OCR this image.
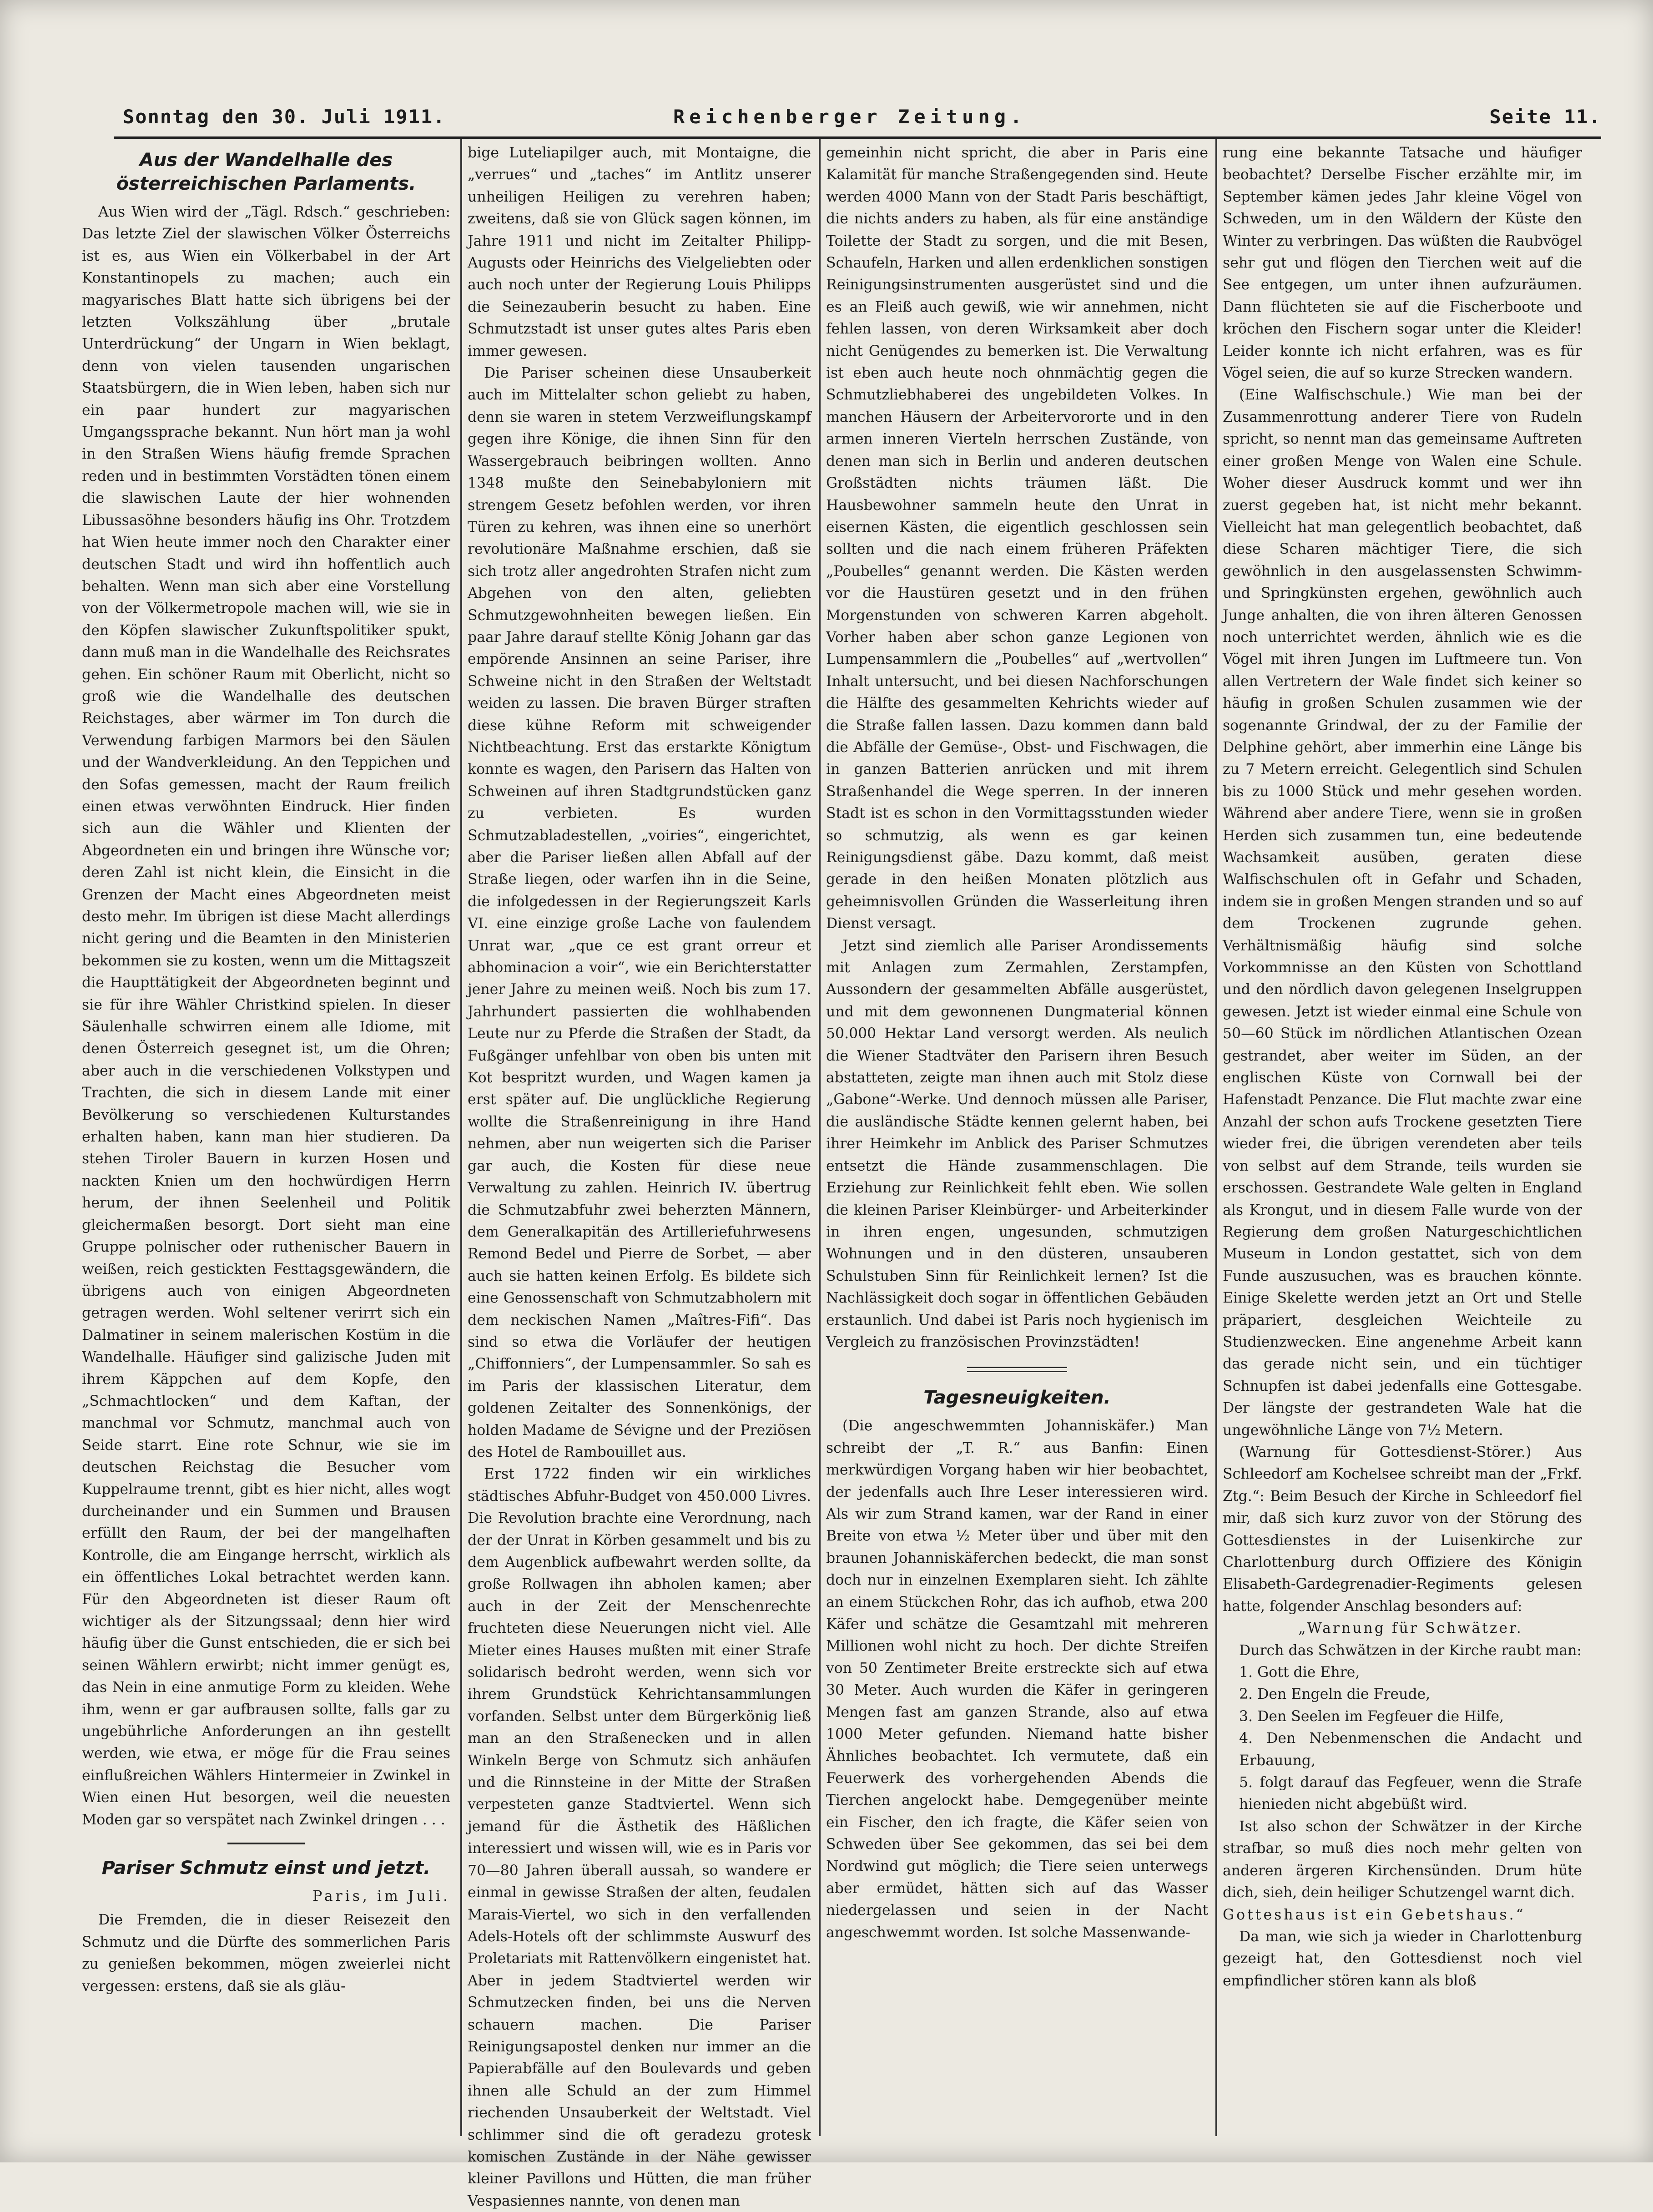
Sonntag den 30. Juli 1911.	Reichenberger Zeitung.	Seite 11.
Aus der Wandelhalle des österreichischen Parlaments.

Aus Wien wird der „Tägl. Rdsch.“ geschrieben: Das letzte Ziel der slawischen Völker Österreichs ist es, aus Wien ein Völkerbabel in der Art Konstantinopels zu machen; auch ein magyarisches Blatt hatte sich übrigens bei der letzten Volkszählung über „brutale Unterdrückung“ der Ungarn in Wien beklagt, denn von vielen tausenden ungarischen Staatsbürgern, die in Wien leben, haben sich nur ein paar hundert zur magyarischen Umgangssprache bekannt. Nun hört man ja wohl in den Straßen Wiens häufig fremde Sprachen reden und in bestimmten Vorstädten tönen einem die slawischen Laute der hier wohnenden Libussasöhne besonders häufig ins Ohr. Trotzdem hat Wien heute immer noch den Charakter einer deutschen Stadt und wird ihn hoffentlich auch behalten. Wenn man sich aber eine Vorstellung von der Völkermetropole machen will, wie sie in den Köpfen slawischer Zukunftspolitiker spukt, dann muß man in die Wandelhalle des Reichsrates gehen. Ein schöner Raum mit Oberlicht, nicht so groß wie die Wandelhalle des deutschen Reichstages, aber wärmer im Ton durch die Verwendung farbigen Marmors bei den Säulen und der Wandverkleidung. An den Teppichen und den Sofas gemessen, macht der Raum freilich einen etwas verwöhnten Eindruck. Hier finden sich aun die Wähler und Klienten der Abgeordneten ein und bringen ihre Wünsche vor; deren Zahl ist nicht klein, die Einsicht in die Grenzen der Macht eines Abgeordneten meist desto mehr. Im übrigen ist diese Macht allerdings nicht gering und die Beamten in den Ministerien bekommen sie zu kosten, wenn um die Mittagszeit die Haupttätigkeit der Abgeordneten beginnt und sie für ihre Wähler Christkind spielen. In dieser Säulenhalle schwirren einem alle Idiome, mit denen Österreich gesegnet ist, um die Ohren; aber auch in die verschiedenen Volkstypen und Trachten, die sich in diesem Lande mit einer Bevölkerung so verschiedenen Kulturstandes erhalten haben, kann man hier studieren. Da stehen Tiroler Bauern in kurzen Hosen und nackten Knien um den hochwürdigen Herrn herum, der ihnen Seelenheil und Politik gleichermaßen besorgt. Dort sieht man eine Gruppe polnischer oder ruthenischer Bauern in weißen, reich gestickten Festtagsgewändern, die übrigens auch von einigen Abgeordneten getragen werden. Wohl seltener verirrt sich ein Dalmatiner in seinem malerischen Kostüm in die Wandelhalle. Häufiger sind galizische Juden mit ihrem Käppchen auf dem Kopfe, den „Schmachtlocken“ und dem Kaftan, der manchmal vor Schmutz, manchmal auch von Seide starrt. Eine rote Schnur, wie sie im deutschen Reichstag die Besucher vom Kuppelraume trennt, gibt es hier nicht, alles wogt durcheinander und ein Summen und Brausen erfüllt den Raum, der bei der mangelhaften Kontrolle, die am Eingange herrscht, wirklich als ein öffentliches Lokal betrachtet werden kann. Für den Abgeordneten ist dieser Raum oft wichtiger als der Sitzungssaal; denn hier wird häufig über die Gunst entschieden, die er sich bei seinen Wählern erwirbt; nicht immer genügt es, das Nein in eine anmutige Form zu kleiden. Wehe ihm, wenn er gar aufbrausen sollte, falls gar zu ungebührliche Anforderungen an ihn gestellt werden, wie etwa, er möge für die Frau seines einflußreichen Wählers Hintermeier in Zwinkel in Wien einen Hut besorgen, weil die neuesten Moden gar so verspätet nach Zwinkel dringen . . .

Pariser Schmutz einst und jetzt.
Paris, im Juli.

Die Fremden, die in dieser Reisezeit den Schmutz und die Dürfte des sommerlichen Paris zu genießen bekommen, mögen zweierlei nicht vergessen: erstens, daß sie als gläu-

bige Luteliapilger auch, mit Montaigne, die „verrues“ und „taches“ im Antlitz unserer unheiligen Heiligen zu verehren haben; zweitens, daß sie von Glück sagen können, im Jahre 1911 und nicht im Zeitalter Philipp-Augusts oder Heinrichs des Vielgeliebten oder auch noch unter der Regierung Louis Philipps die Seinezauberin besucht zu haben. Eine Schmutzstadt ist unser gutes altes Paris eben immer gewesen.

Die Pariser scheinen diese Unsauberkeit auch im Mittelalter schon geliebt zu haben, denn sie waren in stetem Verzweiflungskampf gegen ihre Könige, die ihnen Sinn für den Wassergebrauch beibringen wollten. Anno 1348 mußte den Seinebabyloniern mit strengem Gesetz befohlen werden, vor ihren Türen zu kehren, was ihnen eine so unerhört revolutionäre Maßnahme erschien, daß sie sich trotz aller angedrohten Strafen nicht zum Abgehen von den alten, geliebten Schmutzgewohnheiten bewegen ließen. Ein paar Jahre darauf stellte König Johann gar das empörende Ansinnen an seine Pariser, ihre Schweine nicht in den Straßen der Weltstadt weiden zu lassen. Die braven Bürger straften diese kühne Reform mit schweigender Nichtbeachtung. Erst das erstarkte Königtum konnte es wagen, den Parisern das Halten von Schweinen auf ihren Stadtgrundstücken ganz zu verbieten. Es wurden Schmutzabladestellen, „voiries“, eingerichtet, aber die Pariser ließen allen Abfall auf der Straße liegen, oder warfen ihn in die Seine, die infolgedessen in der Regierungszeit Karls VI. eine einzige große Lache von faulendem Unrat war, „que ce est grant orreur et abhominacion a voir“, wie ein Berichterstatter jener Jahre zu meinen weiß. Noch bis zum 17. Jahrhundert passierten die wohlhabenden Leute nur zu Pferde die Straßen der Stadt, da Fußgänger unfehlbar von oben bis unten mit Kot bespritzt wurden, und Wagen kamen ja erst später auf. Die unglückliche Regierung wollte die Straßenreinigung in ihre Hand nehmen, aber nun weigerten sich die Pariser gar auch, die Kosten für diese neue Verwaltung zu zahlen. Heinrich IV. übertrug die Schmutzabfuhr zwei beherzten Männern, dem Generalkapitän des Artilleriefuhrwesens Remond Bedel und Pierre de Sorbet, — aber auch sie hatten keinen Erfolg. Es bildete sich eine Genossenschaft von Schmutzabholern mit dem neckischen Namen „Maîtres-Fifi“. Das sind so etwa die Vorläufer der heutigen „Chiffonniers“, der Lumpensammler. So sah es im Paris der klassischen Literatur, dem goldenen Zeitalter des Sonnenkönigs, der holden Madame de Sévigne und der Preziösen des Hotel de Rambouillet aus.

Erst 1722 finden wir ein wirkliches städtisches Abfuhr-Budget von 450.000 Livres. Die Revolution brachte eine Verordnung, nach der der Unrat in Körben gesammelt und bis zu dem Augenblick aufbewahrt werden sollte, da große Rollwagen ihn abholen kamen; aber auch in der Zeit der Menschenrechte fruchteten diese Neuerungen nicht viel. Alle Mieter eines Hauses mußten mit einer Strafe solidarisch bedroht werden, wenn sich vor ihrem Grundstück Kehrichtansammlungen vorfanden. Selbst unter dem Bürgerkönig ließ man an den Straßenecken und in allen Winkeln Berge von Schmutz sich anhäufen und die Rinnsteine in der Mitte der Straßen verpesteten ganze Stadtviertel. Wenn sich jemand für die Ästhetik des Häßlichen interessiert und wissen will, wie es in Paris vor 70—80 Jahren überall aussah, so wandere er einmal in gewisse Straßen der alten, feudalen Marais-Viertel, wo sich in den verfallenden Adels-Hotels oft der schlimmste Auswurf des Proletariats mit Rattenvölkern eingenistet hat. Aber in jedem Stadtviertel werden wir Schmutzecken finden, bei uns die Nerven schauern machen. Die Pariser Reinigungsapostel denken nur immer an die Papierabfälle auf den Boulevards und geben ihnen alle Schuld an der zum Himmel riechenden Unsauberkeit der Weltstadt. Viel schlimmer sind die oft geradezu grotesk komischen Zustände in der Nähe gewisser kleiner Pavillons und Hütten, die man früher Vespasiennes nannte, von denen man

gemeinhin nicht spricht, die aber in Paris eine Kalamität für manche Straßengegenden sind. Heute werden 4000 Mann von der Stadt Paris beschäftigt, die nichts anders zu haben, als für eine anständige Toilette der Stadt zu sorgen, und die mit Besen, Schaufeln, Harken und allen erdenklichen sonstigen Reinigungsinstrumenten ausgerüstet sind und die es an Fleiß auch gewiß, wie wir annehmen, nicht fehlen lassen, von deren Wirksamkeit aber doch nicht Genügendes zu bemerken ist. Die Verwaltung ist eben auch heute noch ohnmächtig gegen die Schmutzliebhaberei des ungebildeten Volkes. In manchen Häusern der Arbeitervororte und in den armen inneren Vierteln herrschen Zustände, von denen man sich in Berlin und anderen deutschen Großstädten nichts träumen läßt. Die Hausbewohner sammeln heute den Unrat in eisernen Kästen, die eigentlich geschlossen sein sollten und die nach einem früheren Präfekten „Poubelles“ genannt werden. Die Kästen werden vor die Haustüren gesetzt und in den frühen Morgenstunden von schweren Karren abgeholt. Vorher haben aber schon ganze Legionen von Lumpensammlern die „Poubelles“ auf „wertvollen“ Inhalt untersucht, und bei diesen Nachforschungen die Hälfte des gesammelten Kehrichts wieder auf die Straße fallen lassen. Dazu kommen dann bald die Abfälle der Gemüse-, Obst- und Fischwagen, die in ganzen Batterien anrücken und mit ihrem Straßenhandel die Wege sperren. In der inneren Stadt ist es schon in den Vormittagsstunden wieder so schmutzig, als wenn es gar keinen Reinigungsdienst gäbe. Dazu kommt, daß meist gerade in den heißen Monaten plötzlich aus geheimnisvollen Gründen die Wasserleitung ihren Dienst versagt.

Jetzt sind ziemlich alle Pariser Arondissements mit Anlagen zum Zermahlen, Zerstampfen, Aussondern der gesammelten Abfälle ausgerüstet, und mit dem gewonnenen Dungmaterial können 50.000 Hektar Land versorgt werden. Als neulich die Wiener Stadtväter den Parisern ihren Besuch abstatteten, zeigte man ihnen auch mit Stolz diese „Gabone“-Werke. Und dennoch müssen alle Pariser, die ausländische Städte kennen gelernt haben, bei ihrer Heimkehr im Anblick des Pariser Schmutzes entsetzt die Hände zusammenschlagen. Die Erziehung zur Reinlichkeit fehlt eben. Wie sollen die kleinen Pariser Kleinbürger- und Arbeiterkinder in ihren engen, ungesunden, schmutzigen Wohnungen und in den düsteren, unsauberen Schulstuben Sinn für Reinlichkeit lernen? Ist die Nachlässigkeit doch sogar in öffentlichen Gebäuden erstaunlich. Und dabei ist Paris noch hygienisch im Vergleich zu französischen Provinzstädten!

Tagesneuigkeiten.

(Die angeschwemmten Johanniskäfer.) Man schreibt der „T. R.“ aus Banfin: Einen merkwürdigen Vorgang haben wir hier beobachtet, der jedenfalls auch Ihre Leser interessieren wird. Als wir zum Strand kamen, war der Rand in einer Breite von etwa ½ Meter über und über mit den braunen Johanniskäferchen bedeckt, die man sonst doch nur in einzelnen Exemplaren sieht. Ich zählte an einem Stückchen Rohr, das ich aufhob, etwa 200 Käfer und schätze die Gesamtzahl mit mehreren Millionen wohl nicht zu hoch. Der dichte Streifen von 50 Zentimeter Breite erstreckte sich auf etwa 30 Meter. Auch wurden die Käfer in geringeren Mengen fast am ganzen Strande, also auf etwa 1000 Meter gefunden. Niemand hatte bisher Ähnliches beobachtet. Ich vermutete, daß ein Feuerwerk des vorhergehenden Abends die Tierchen angelockt habe. Demgegenüber meinte ein Fischer, den ich fragte, die Käfer seien von Schweden über See gekommen, das sei bei dem Nordwind gut möglich; die Tiere seien unterwegs aber ermüdet, hätten sich auf das Wasser niedergelassen und seien in der Nacht angeschwemmt worden. Ist solche Massenwande-

rung eine bekannte Tatsache und häufiger beobachtet? Derselbe Fischer erzählte mir, im September kämen jedes Jahr kleine Vögel von Schweden, um in den Wäldern der Küste den Winter zu verbringen. Das wüßten die Raubvögel sehr gut und flögen den Tierchen weit auf die See entgegen, um unter ihnen aufzuräumen. Dann flüchteten sie auf die Fischerboote und kröchen den Fischern sogar unter die Kleider! Leider konnte ich nicht erfahren, was es für Vögel seien, die auf so kurze Strecken wandern.

(Eine Walfischschule.) Wie man bei der Zusammenrottung anderer Tiere von Rudeln spricht, so nennt man das gemeinsame Auftreten einer großen Menge von Walen eine Schule. Woher dieser Ausdruck kommt und wer ihn zuerst gegeben hat, ist nicht mehr bekannt. Vielleicht hat man gelegentlich beobachtet, daß diese Scharen mächtiger Tiere, die sich gewöhnlich in den ausgelassensten Schwimm- und Springkünsten ergehen, gewöhnlich auch Junge anhalten, die von ihren älteren Genossen noch unterrichtet werden, ähnlich wie es die Vögel mit ihren Jungen im Luftmeere tun. Von allen Vertretern der Wale findet sich keiner so häufig in großen Schulen zusammen wie der sogenannte Grindwal, der zu der Familie der Delphine gehört, aber immerhin eine Länge bis zu 7 Metern erreicht. Gelegentlich sind Schulen bis zu 1000 Stück und mehr gesehen worden. Während aber andere Tiere, wenn sie in großen Herden sich zusammen tun, eine bedeutende Wachsamkeit ausüben, geraten diese Walfischschulen oft in Gefahr und Schaden, indem sie in großen Mengen stranden und so auf dem Trockenen zugrunde gehen. Verhältnismäßig häufig sind solche Vorkommnisse an den Küsten von Schottland und den nördlich davon gelegenen Inselgruppen gewesen. Jetzt ist wieder einmal eine Schule von 50—60 Stück im nördlichen Atlantischen Ozean gestrandet, aber weiter im Süden, an der englischen Küste von Cornwall bei der Hafenstadt Penzance. Die Flut machte zwar eine Anzahl der schon aufs Trockene gesetzten Tiere wieder frei, die übrigen verendeten aber teils von selbst auf dem Strande, teils wurden sie erschossen. Gestrandete Wale gelten in England als Krongut, und in diesem Falle wurde von der Regierung dem großen Naturgeschichtlichen Museum in London gestattet, sich von dem Funde auszusuchen, was es brauchen könnte. Einige Skelette werden jetzt an Ort und Stelle präpariert, desgleichen Weichteile zu Studienzwecken. Eine angenehme Arbeit kann das gerade nicht sein, und ein tüchtiger Schnupfen ist dabei jedenfalls eine Gottesgabe. Der längste der gestrandeten Wale hat die ungewöhnliche Länge von 7½ Metern.

(Warnung für Gottesdienst-Störer.) Aus Schleedorf am Kochelsee schreibt man der „Frkf. Ztg.“: Beim Besuch der Kirche in Schleedorf fiel mir, daß sich kurz zuvor von der Störung des Gottesdienstes in der Luisenkirche zur Charlottenburg durch Offiziere des Königin Elisabeth-Gardegrenadier-Regiments gelesen hatte, folgender Anschlag besonders auf:

„Warnung für Schwätzer.

Durch das Schwätzen in der Kirche raubt man:

1. Gott die Ehre,
2. Den Engeln die Freude,
3. Den Seelen im Fegfeuer die Hilfe,
4. Den Nebenmenschen die Andacht und Erbauung,
5. folgt darauf das Fegfeuer, wenn die Strafe hienieden nicht abgebüßt wird.

Ist also schon der Schwätzer in der Kirche strafbar, so muß dies noch mehr gelten von anderen ärgeren Kirchensünden. Drum hüte dich, sieh, dein heiliger Schutzengel warnt dich.

Gotteshaus ist ein Gebetshaus.“

Da man, wie sich ja wieder in Charlottenburg gezeigt hat, den Gottesdienst noch viel empfindlicher stören kann als bloß
